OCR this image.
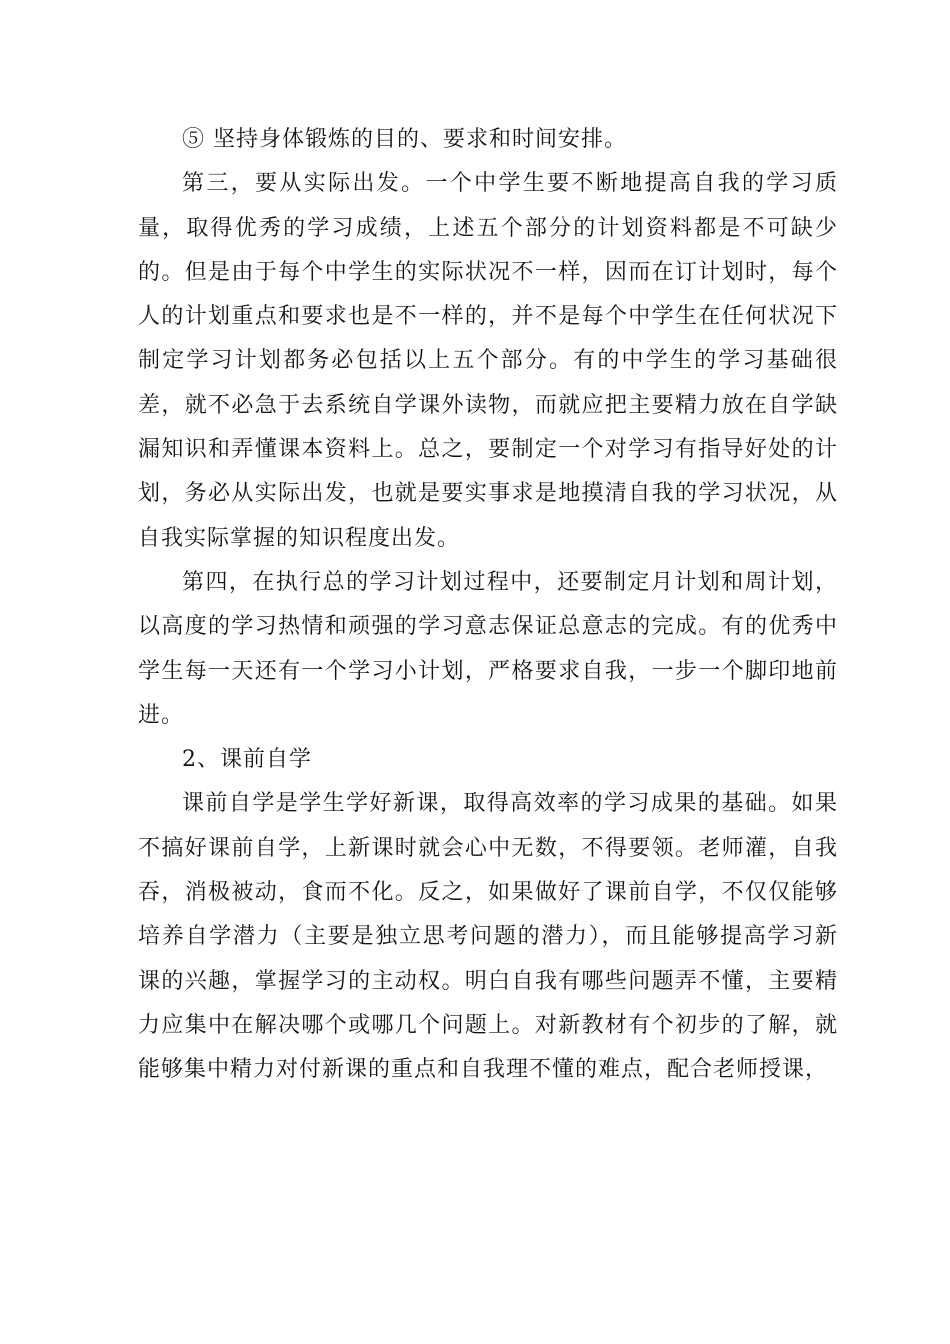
⑤ 坚持身体锻炼的目的、要求和时间安排。

第三，要从实际出发。一个中学生要不断地提高自我的学习质量，取得优秀的学习成绩，上述五个部分的计划资料都是不可缺少的。但是由于每个中学生的实际状况不一样，因而在订计划时，每个人的计划重点和要求也是不一样的，并不是每个中学生在任何状况下制定学习计划都务必包括以上五个部分。有的中学生的学习基础很差，就不必急于去系统自学课外读物，而就应把主要精力放在自学缺漏知识和弄懂课本资料上。总之，要制定一个对学习有指导好处的计划，务必从实际出发，也就是要实事求是地摸清自我的学习状况，从自我实际掌握的知识程度出发。

第四，在执行总的学习计划过程中，还要制定月计划和周计划，以高度的学习热情和顽强的学习意志保证总意志的完成。有的优秀中学生每一天还有一个学习小计划，严格要求自我，一步一个脚印地前进。

2、课前自学

课前自学是学生学好新课，取得高效率的学习成果的基础。如果不搞好课前自学，上新课时就会心中无数，不得要领。老师灌，自我吞，消极被动，食而不化。反之，如果做好了课前自学，不仅仅能够培养自学潜力（主要是独立思考问题的潜力），而且能够提高学习新课的兴趣，掌握学习的主动权。明白自我有哪些问题弄不懂，主要精力应集中在解决哪个或哪几个问题上。对新教材有个初步的了解，就能够集中精力对付新课的重点和自我理不懂的难点，配合老师授课，
